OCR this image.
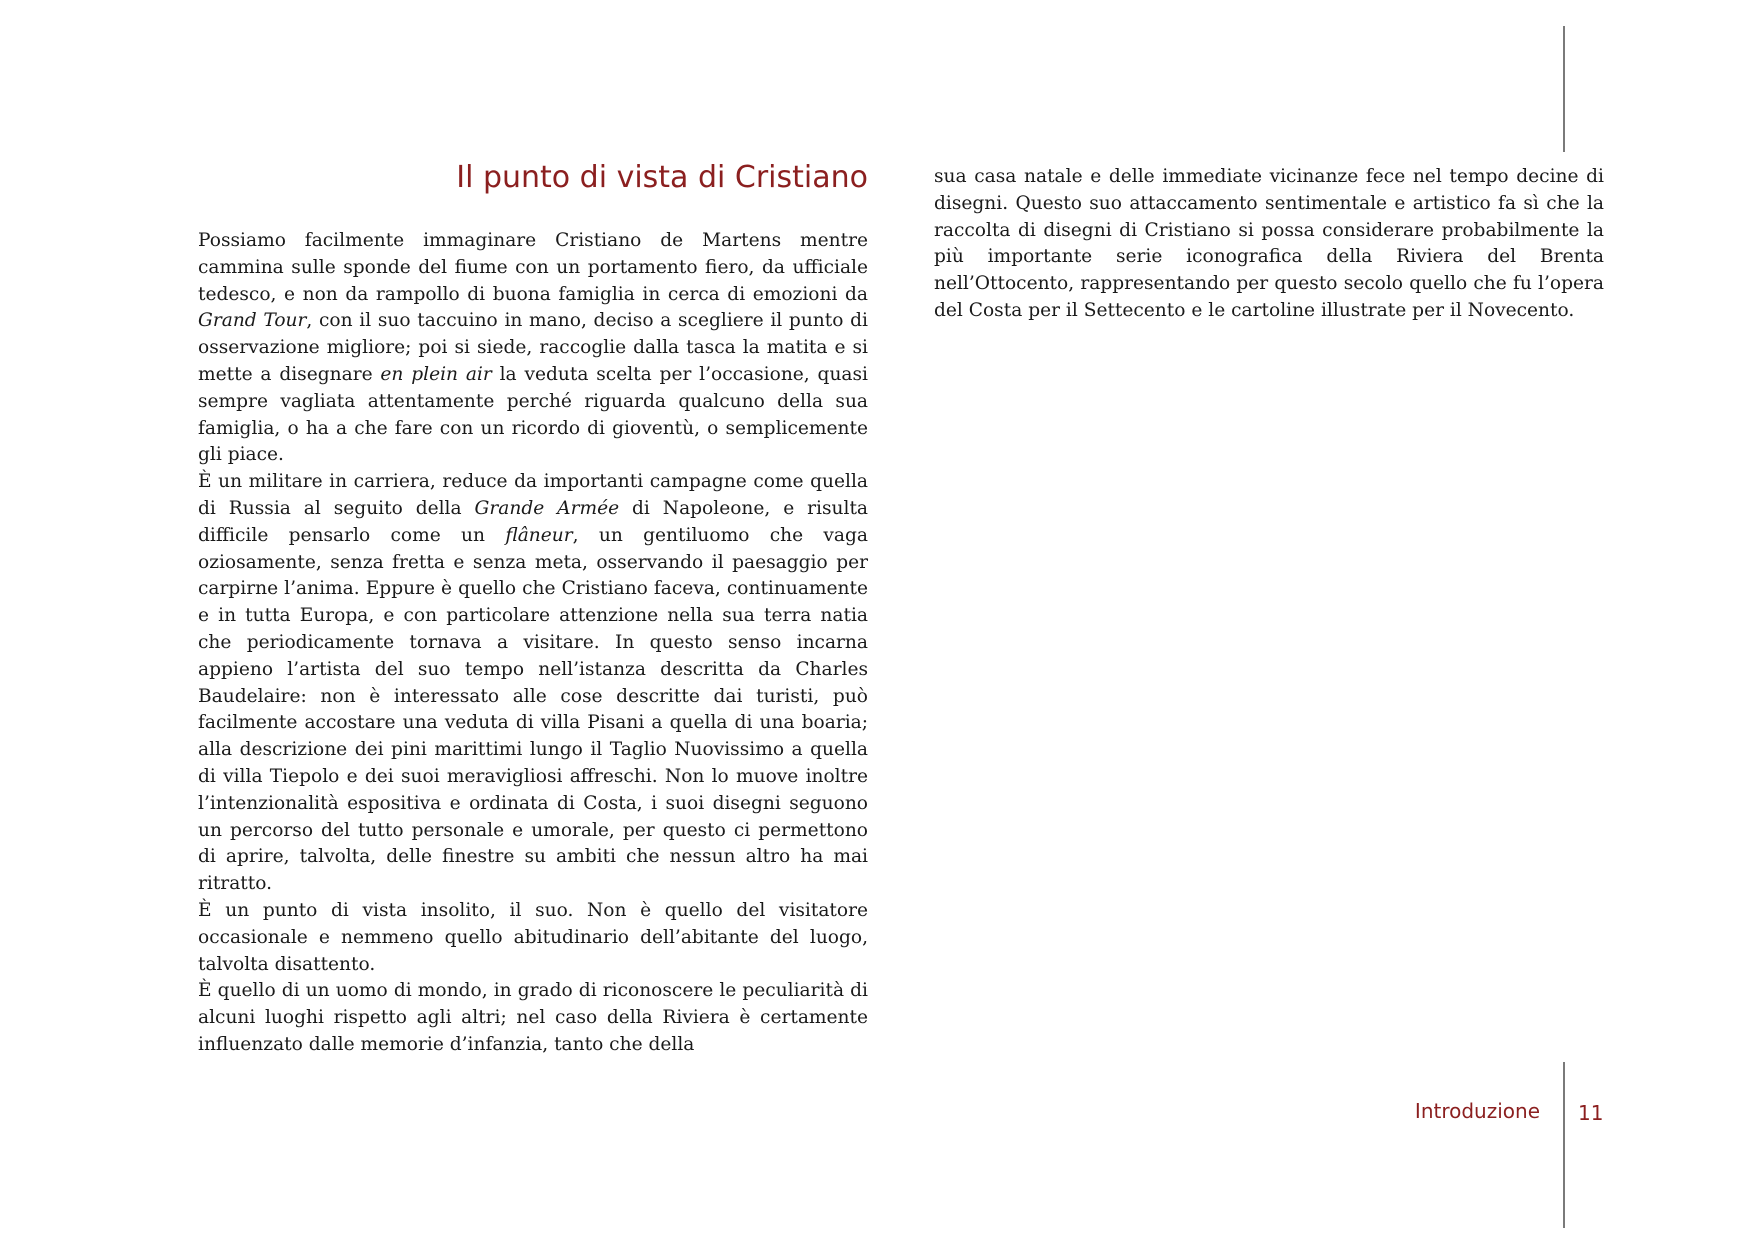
Il punto di vista di Cristiano

Possiamo facilmente immaginare Cristiano de Martens mentre cammina sulle sponde del fiume con un portamento fiero, da ufficiale tedesco, e non da rampollo di buona famiglia in cerca di emozioni da Grand Tour, con il suo taccuino in mano, deciso a scegliere il punto di osservazione migliore; poi si siede, raccoglie dalla tasca la matita e si mette a disegnare en plein air la veduta scelta per l’occasione, quasi sempre vagliata attentamente perché riguarda qualcuno della sua famiglia, o ha a che fare con un ricordo di gioventù, o semplicemente gli piace.

È un militare in carriera, reduce da importanti campagne come quella di Russia al seguito della Grande Armée di Napoleone, e risulta difficile pensarlo come un flâneur, un gentiluomo che vaga oziosamente, senza fretta e senza meta, osservando il paesaggio per carpirne l’anima. Eppure è quello che Cristiano faceva, continuamente e in tutta Europa, e con particolare attenzione nella sua terra natia che periodicamente tornava a visitare. In questo senso incarna appieno l’artista del suo tempo nell’istanza descritta da Charles Baudelaire: non è interessato alle cose descritte dai turisti, può facilmente accostare una veduta di villa Pisani a quella di una boaria; alla descrizione dei pini marittimi lungo il Taglio Nuovissimo a quella di villa Tiepolo e dei suoi meravigliosi affreschi. Non lo muove inoltre l’intenzionalità espositiva e ordinata di Costa, i suoi disegni seguono un percorso del tutto personale e umorale, per questo ci permettono di aprire, talvolta, delle finestre su ambiti che nessun altro ha mai ritratto.

È un punto di vista insolito, il suo. Non è quello del visitatore occasionale e nemmeno quello abitudinario dell’abitante del luogo, talvolta disattento.

È quello di un uomo di mondo, in grado di riconoscere le peculiarità di alcuni luoghi rispetto agli altri; nel caso della Riviera è certamente influenzato dalle memorie d’infanzia, tanto che della

sua casa natale e delle immediate vicinanze fece nel tempo decine di disegni. Questo suo attaccamento sentimentale e artistico fa sì che la raccolta di disegni di Cristiano si possa considerare probabilmente la più importante serie iconografica della Riviera del Brenta nell’Ottocento, rappresentando per questo secolo quello che fu l’opera del Costa per il Settecento e le cartoline illustrate per il Novecento.

Introduzione 11
